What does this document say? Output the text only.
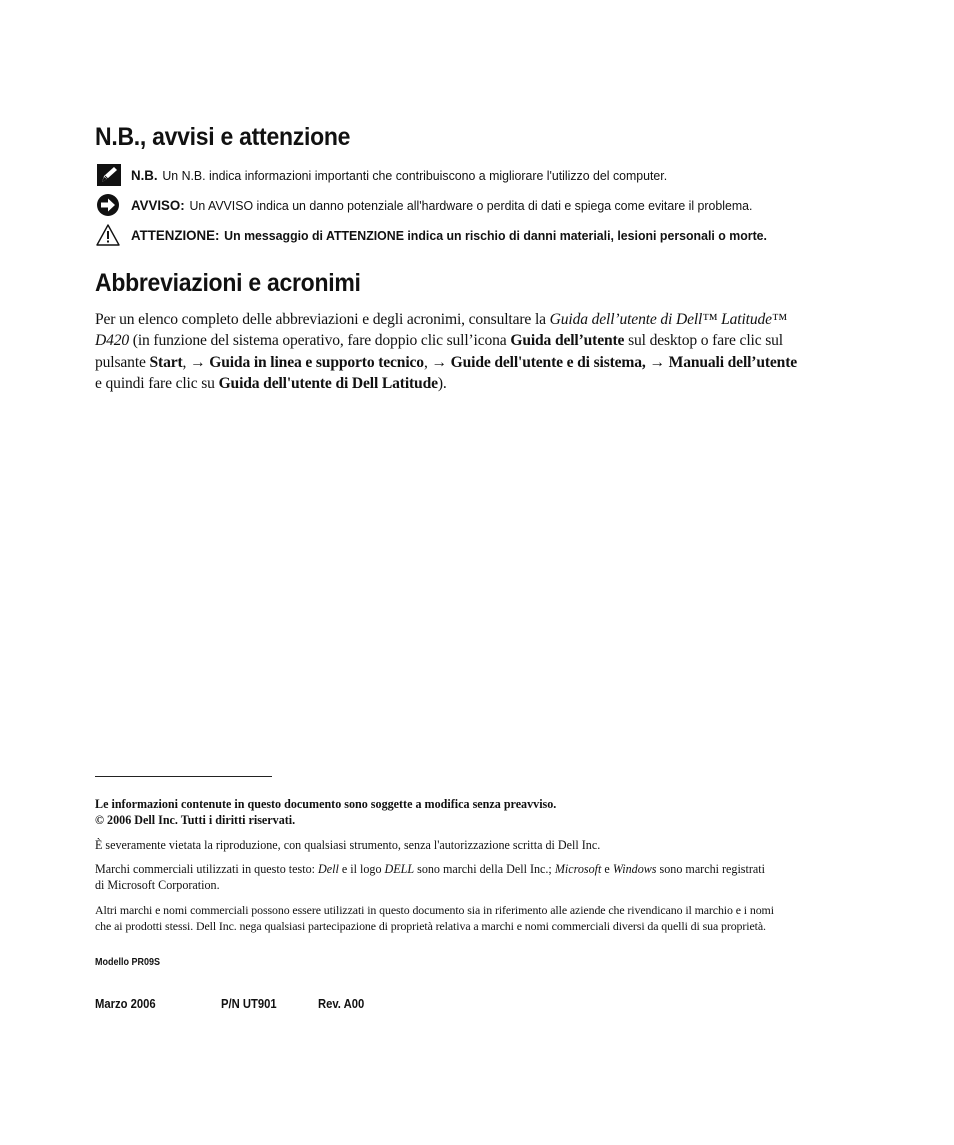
N.B., avvisi e attenzione
N.B. Un N.B. indica informazioni importanti che contribuiscono a migliorare l'utilizzo del computer.
AVVISO: Un AVVISO indica un danno potenziale all'hardware o perdita di dati e spiega come evitare il problema.
ATTENZIONE: Un messaggio di ATTENZIONE indica un rischio di danni materiali, lesioni personali o morte.
Abbreviazioni e acronimi
Per un elenco completo delle abbreviazioni e degli acronimi, consultare la Guida dell’utente di Dell™ Latitude™
D420 (in funzione del sistema operativo, fare doppio clic sull’icona Guida dell’utente sul desktop o fare clic sul
pulsante Start, → Guida in linea e supporto tecnico, → Guide dell'utente e di sistema, → Manuali dell’utente
e quindi fare clic su Guida dell'utente di Dell Latitude).
Le informazioni contenute in questo documento sono soggette a modifica senza preavviso.
© 2006 Dell Inc. Tutti i diritti riservati.
È severamente vietata la riproduzione, con qualsiasi strumento, senza l'autorizzazione scritta di Dell Inc.
Marchi commerciali utilizzati in questo testo: Dell e il logo DELL sono marchi della Dell Inc.; Microsoft e Windows sono marchi registrati
di Microsoft Corporation.
Altri marchi e nomi commerciali possono essere utilizzati in questo documento sia in riferimento alle aziende che rivendicano il marchio e i nomi
che ai prodotti stessi. Dell Inc. nega qualsiasi partecipazione di proprietà relativa a marchi e nomi commerciali diversi da quelli di sua proprietà.
Modello PR09S
Marzo 2006	P/N UT901	Rev. A00
